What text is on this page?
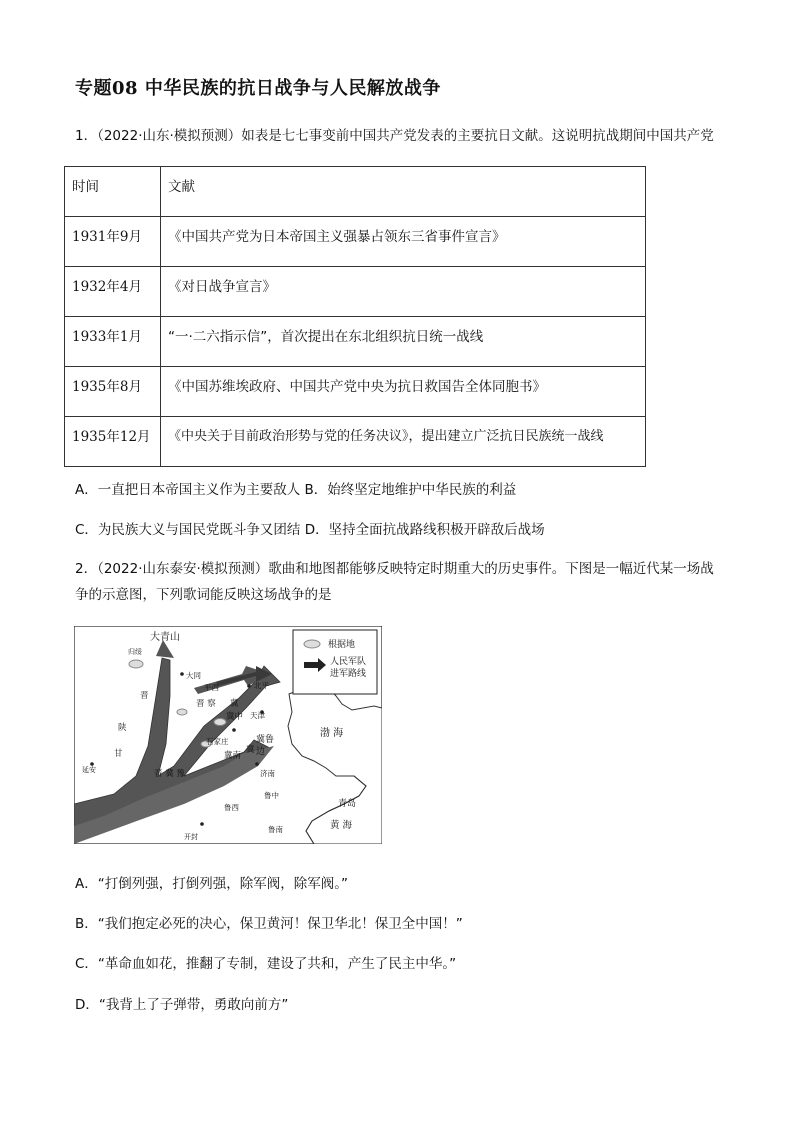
专题08 中华民族的抗日战争与人民解放战争
1．（2022·山东·模拟预测）如表是七七事变前中国共产党发表的主要抗日文献。这说明抗战期间中国共产党
时间	文献
1931年9月	《中国共产党为日本帝国主义强暴占领东三省事件宣言》
1932年4月	《对日战争宣言》
1933年1月	“一·二六指示信”，首次提出在东北组织抗日统一战线
1935年8月	《中国苏维埃政府、中国共产党中央为抗日救国告全体同胞书》
1935年12月	《中央关于目前政治形势与党的任务决议》，提出建立广泛抗日民族统一战线
A．一直把日本帝国主义作为主要敌人 B．始终坚定地维护中华民族的利益
C．为民族大义与国民党既斗争又团结 D．坚持全面抗战路线积极开辟敌后战场
2．（2022·山东泰安·模拟预测）歌曲和地图都能够反映特定时期重大的历史事件。下图是一幅近代某一场战
争的示意图，下列歌词能反映这场战争的是
根据地
人民军队
进军路线
大青山
归绥
大同
北平
平西
晋 察 冀
冀中 天津
渤 海
晋
陕
甘
延安
宁
石家庄
冀
冀南
晋 冀 豫
冀鲁
边
济南
鲁中
鲁西
鲁南
青岛
黄 海
开封
A．“打倒列强，打倒列强，除军阀，除军阀。”
B．“我们抱定必死的决心，保卫黄河！保卫华北！保卫全中国！”
C．“革命血如花，推翻了专制，建设了共和，产生了民主中华。”
D．“我背上了子弹带，勇敢向前方”
